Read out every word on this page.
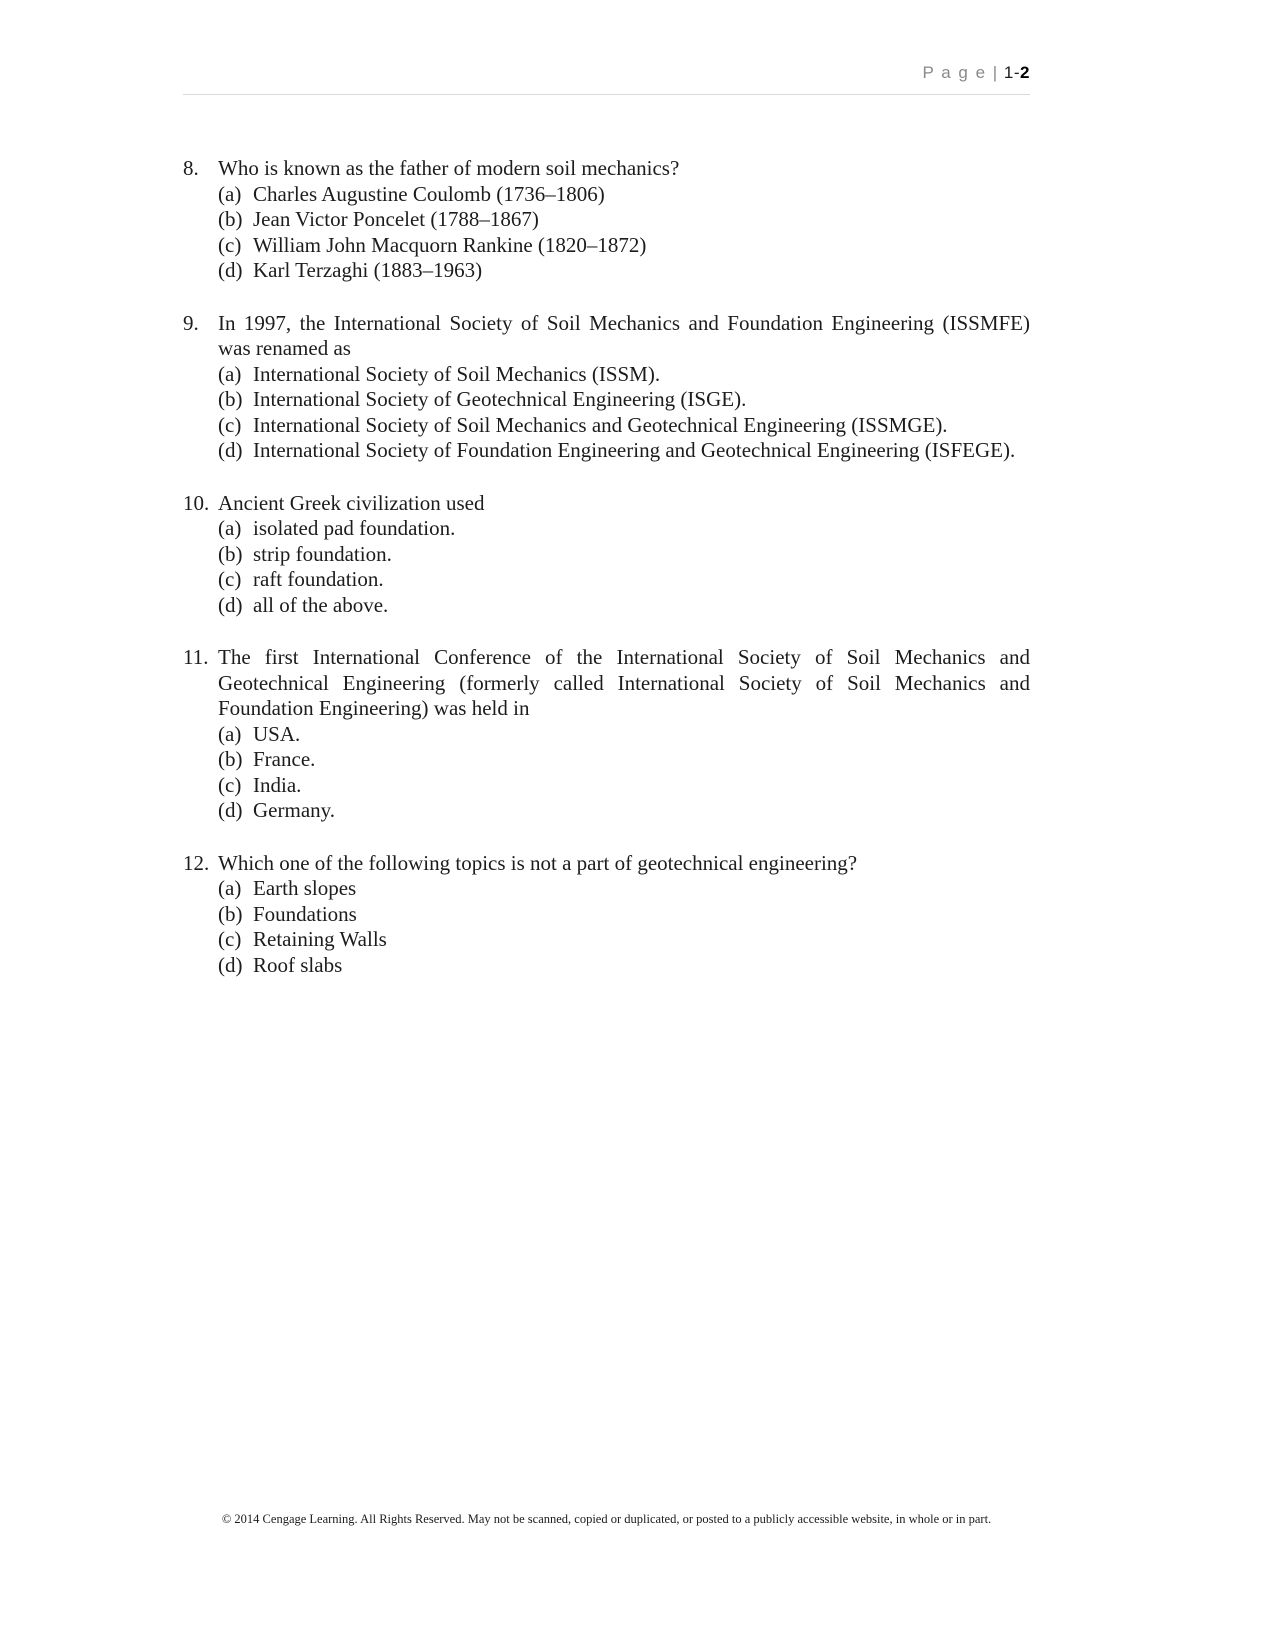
P a g e | 1-2
8. Who is known as the father of modern soil mechanics?
(a) Charles Augustine Coulomb (1736–1806)
(b) Jean Victor Poncelet (1788–1867)
(c) William John Macquorn Rankine (1820–1872)
(d) Karl Terzaghi (1883–1963)
9. In 1997, the International Society of Soil Mechanics and Foundation Engineering (ISSMFE) was renamed as
(a) International Society of Soil Mechanics (ISSM).
(b) International Society of Geotechnical Engineering (ISGE).
(c) International Society of Soil Mechanics and Geotechnical Engineering (ISSMGE).
(d) International Society of Foundation Engineering and Geotechnical Engineering (ISFEGE).
10. Ancient Greek civilization used
(a) isolated pad foundation.
(b) strip foundation.
(c) raft foundation.
(d) all of the above.
11. The first International Conference of the International Society of Soil Mechanics and Geotechnical Engineering (formerly called International Society of Soil Mechanics and Foundation Engineering) was held in
(a) USA.
(b) France.
(c) India.
(d) Germany.
12. Which one of the following topics is not a part of geotechnical engineering?
(a) Earth slopes
(b) Foundations
(c) Retaining Walls
(d) Roof slabs
© 2014 Cengage Learning. All Rights Reserved. May not be scanned, copied or duplicated, or posted to a publicly accessible website, in whole or in part.
